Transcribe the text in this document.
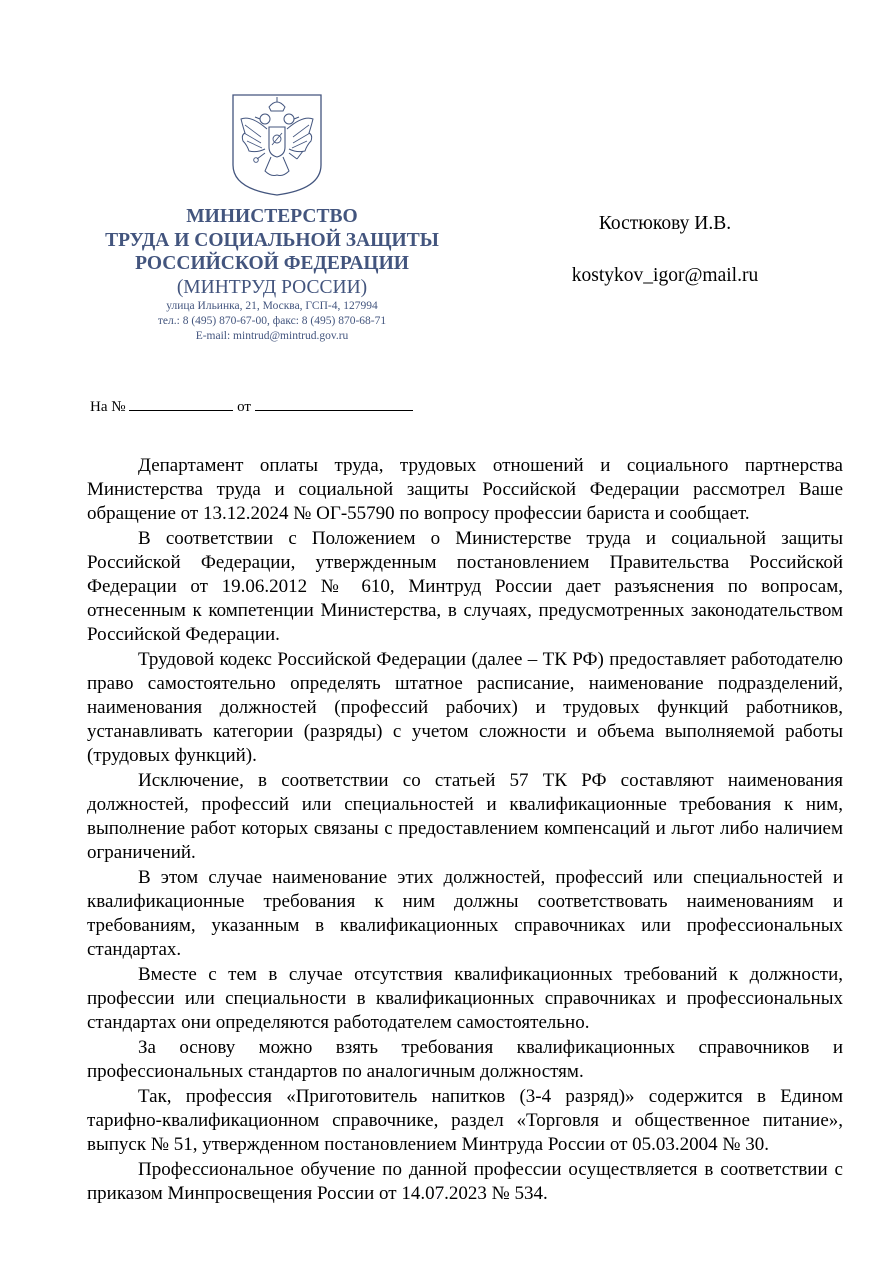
МИНИСТЕРСТВО

ТРУДА И СОЦИАЛЬНОЙ ЗАЩИТЫ

РОССИЙСКОЙ ФЕДЕРАЦИИ

(МИНТРУД РОССИИ)

улица Ильинка, 21, Москва, ГСП-4, 127994

тел.: 8 (495) 870-67-00, факс: 8 (495) 870-68-71

E-mail: mintrud@mintrud.gov.ru

Костюкову И.В.
kostykov_igor@mail.ru
На №	от

Департамент оплаты труда, трудовых отношений и социального партнерства Министерства труда и социальной защиты Российской Федерации рассмотрел Ваше обращение от 13.12.2024 № ОГ-55790 по вопросу профессии бариста и сообщает.

В соответствии с Положением о Министерстве труда и социальной защиты Российской Федерации, утвержденным постановлением Правительства Российской Федерации от 19.06.2012 № 610, Минтруд России дает разъяснения по вопросам, отнесенным к компетенции Министерства, в случаях, предусмотренных законодательством Российской Федерации.

Трудовой кодекс Российской Федерации (далее – ТК РФ) предоставляет работодателю право самостоятельно определять штатное расписание, наименование подразделений, наименования должностей (профессий рабочих) и трудовых функций работников, устанавливать категории (разряды) с учетом сложности и объема выполняемой работы (трудовых функций).

Исключение, в соответствии со статьей 57 ТК РФ составляют наименования должностей, профессий или специальностей и квалификационные требования к ним, выполнение работ которых связаны с предоставлением компенсаций и льгот либо наличием ограничений.

В этом случае наименование этих должностей, профессий или специальностей и квалификационные требования к ним должны соответствовать наименованиям и требованиям, указанным в квалификационных справочниках или профессиональных стандартах.

Вместе с тем в случае отсутствия квалификационных требований к должности, профессии или специальности в квалификационных справочниках и профессиональных стандартах они определяются работодателем самостоятельно.

За основу можно взять требования квалификационных справочников и профессиональных стандартов по аналогичным должностям.

Так, профессия «Приготовитель напитков (3-4 разряд)» содержится в Едином тарифно-квалификационном справочнике, раздел «Торговля и общественное питание», выпуск № 51, утвержденном постановлением Минтруда России от 05.03.2004 № 30.

Профессиональное обучение по данной профессии осуществляется в соответствии с приказом Минпросвещения России от 14.07.2023 № 534.
